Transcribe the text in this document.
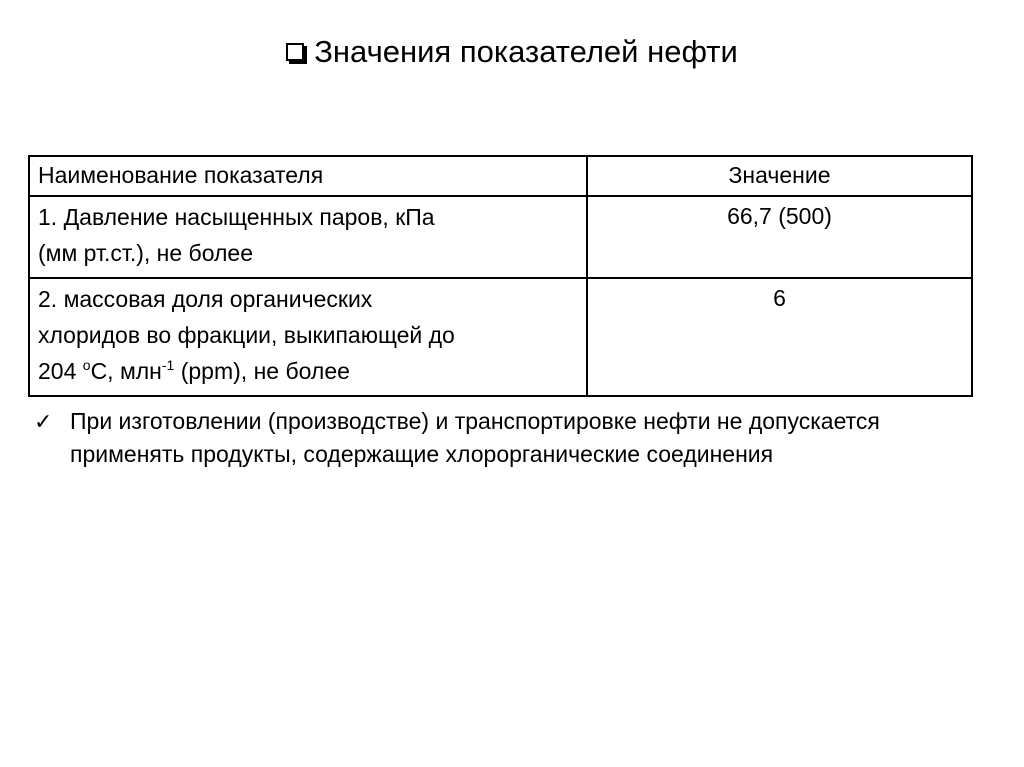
Значения показателей нефти
Наименование показателя	Значение
1. Давление насыщенных паров, кПа
(мм рт.ст.), не более	66,7 (500)
2. массовая доля органических
хлоридов во фракции, выкипающей до
204 $^o$С, млн$^{-1}$ (ppm), не более	6
✓ При изготовлении (производстве) и транспортировке нефти не допускается применять продукты, содержащие хлорорганические соединения
